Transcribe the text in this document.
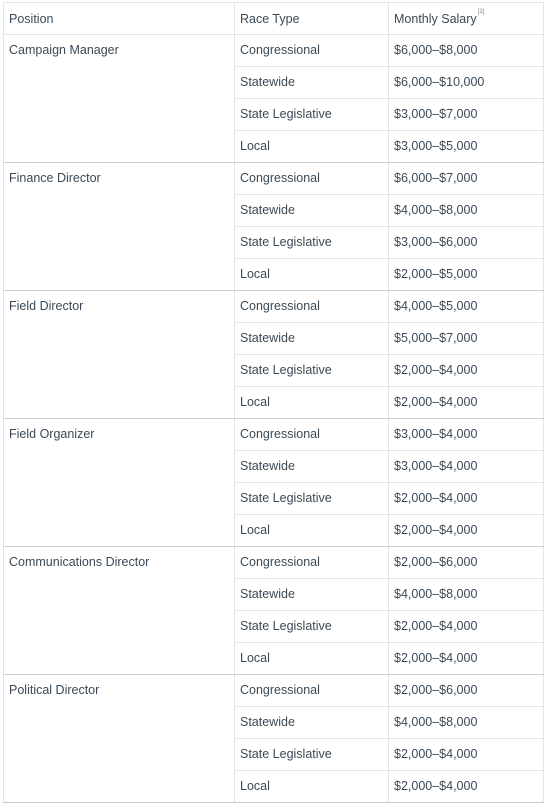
Position	Race Type	Monthly Salary[1]
Campaign Manager	Congressional	$6,000–$8,000
	Statewide	$6,000–$10,000
	State Legislative	$3,000–$7,000
	Local	$3,000–$5,000
Finance Director	Congressional	$6,000–$7,000
	Statewide	$4,000–$8,000
	State Legislative	$3,000–$6,000
	Local	$2,000–$5,000
Field Director	Congressional	$4,000–$5,000
	Statewide	$5,000–$7,000
	State Legislative	$2,000–$4,000
	Local	$2,000–$4,000
Field Organizer	Congressional	$3,000–$4,000
	Statewide	$3,000–$4,000
	State Legislative	$2,000–$4,000
	Local	$2,000–$4,000
Communications Director	Congressional	$2,000–$6,000
	Statewide	$4,000–$8,000
	State Legislative	$2,000–$4,000
	Local	$2,000–$4,000
Political Director	Congressional	$2,000–$6,000
	Statewide	$4,000–$8,000
	State Legislative	$2,000–$4,000
	Local	$2,000–$4,000
